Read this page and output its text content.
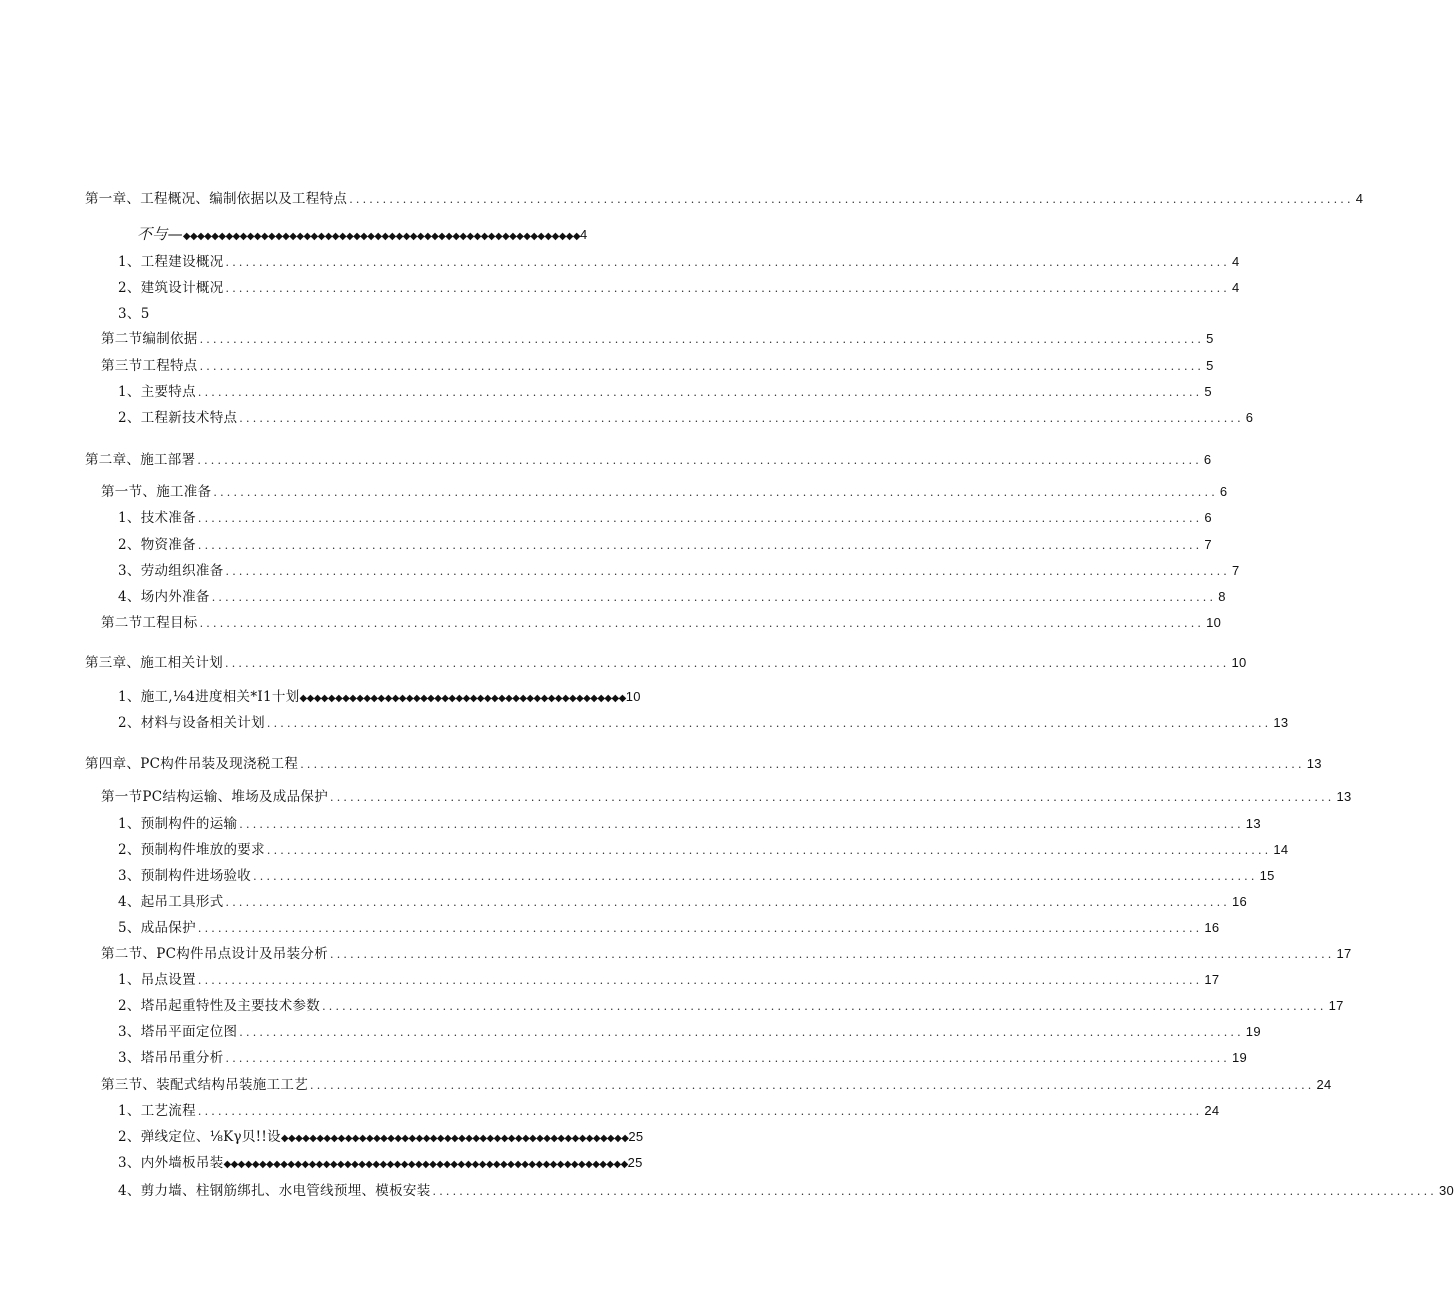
第一章、工程概况、编制依据以及工程特点 ...................................................................................................................................................... 4
不与—◆◆◆◆◆◆◆◆◆◆◆◆◆◆◆◆◆◆◆◆◆◆◆◆◆◆◆◆◆◆◆◆◆◆◆◆◆◆◆◆◆◆◆◆◆◆◆◆◆◆◆◆◆◆◆◆4
1、工程建设概况 ...................................................................................................................................................... 4
2、建筑设计概况 ...................................................................................................................................................... 4
3、5
第二节编制依据 ...................................................................................................................................................... 5
第三节工程特点 ...................................................................................................................................................... 5
1、主要特点 ...................................................................................................................................................... 5
2、工程新技术特点 ...................................................................................................................................................... 6
第二章、施工部署 ...................................................................................................................................................... 6
第一节、施工准备 ...................................................................................................................................................... 6
1、技术准备 ...................................................................................................................................................... 6
2、物资准备 ...................................................................................................................................................... 7
3、劳动组织准备 ...................................................................................................................................................... 7
4、场内外准备 ...................................................................................................................................................... 8
第二节工程目标 ...................................................................................................................................................... 10
第三章、施工相关计划 ...................................................................................................................................................... 10
1、施工,⅛4进度相关*I1十划◆◆◆◆◆◆◆◆◆◆◆◆◆◆◆◆◆◆◆◆◆◆◆◆◆◆◆◆◆◆◆◆◆◆◆◆◆◆◆◆◆◆◆◆◆◆10
2、材料与设备相关计划 ...................................................................................................................................................... 13
第四章、PC构件吊装及现浇税工程 ...................................................................................................................................................... 13
第一节PC结构运输、堆场及成品保护 ...................................................................................................................................................... 13
1、预制构件的运输 ...................................................................................................................................................... 13
2、预制构件堆放的要求 ...................................................................................................................................................... 14
3、预制构件进场验收 ...................................................................................................................................................... 15
4、起吊工具形式 ...................................................................................................................................................... 16
5、成品保护 ...................................................................................................................................................... 16
第二节、PC构件吊点设计及吊装分析 ...................................................................................................................................................... 17
1、吊点设置 ...................................................................................................................................................... 17
2、塔吊起重特性及主要技术参数 ...................................................................................................................................................... 17
3、塔吊平面定位图 ...................................................................................................................................................... 19
3、塔吊吊重分析 ...................................................................................................................................................... 19
第三节、装配式结构吊装施工工艺 ...................................................................................................................................................... 24
1、工艺流程 ...................................................................................................................................................... 24
2、弹线定位、⅛Kγ贝!!设◆◆◆◆◆◆◆◆◆◆◆◆◆◆◆◆◆◆◆◆◆◆◆◆◆◆◆◆◆◆◆◆◆◆◆◆◆◆◆◆◆◆◆◆◆◆◆◆◆25
3、内外墙板吊装◆◆◆◆◆◆◆◆◆◆◆◆◆◆◆◆◆◆◆◆◆◆◆◆◆◆◆◆◆◆◆◆◆◆◆◆◆◆◆◆◆◆◆◆◆◆◆◆◆◆◆◆◆◆◆◆◆25
4、剪力墙、柱钢筋绑扎、水电管线预埋、模板安装 ...................................................................................................................................................... 30
